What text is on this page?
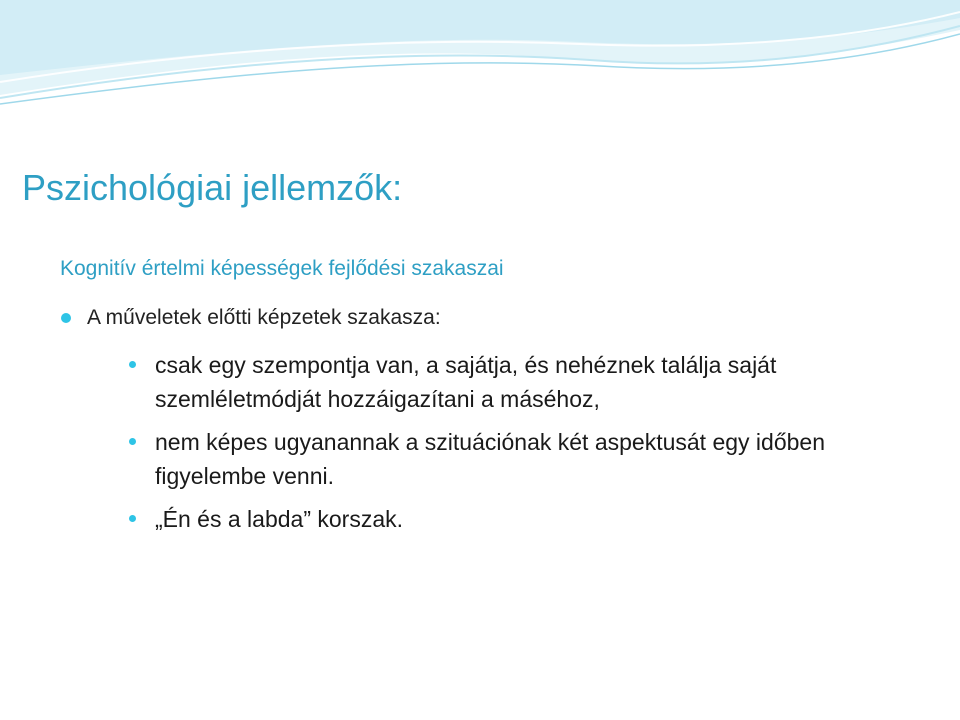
Pszichológiai jellemzők:
Kognitív értelmi képességek fejlődési szakaszai
A műveletek előtti képzetek szakasza:
csak egy szempontja van, a sajátja, és nehéznek találja saját szemléletmódját hozzáigazítani a máséhoz,
nem képes ugyanannak a szituációnak két aspektusát egy időben figyelembe venni.
„Én és a labda” korszak.
